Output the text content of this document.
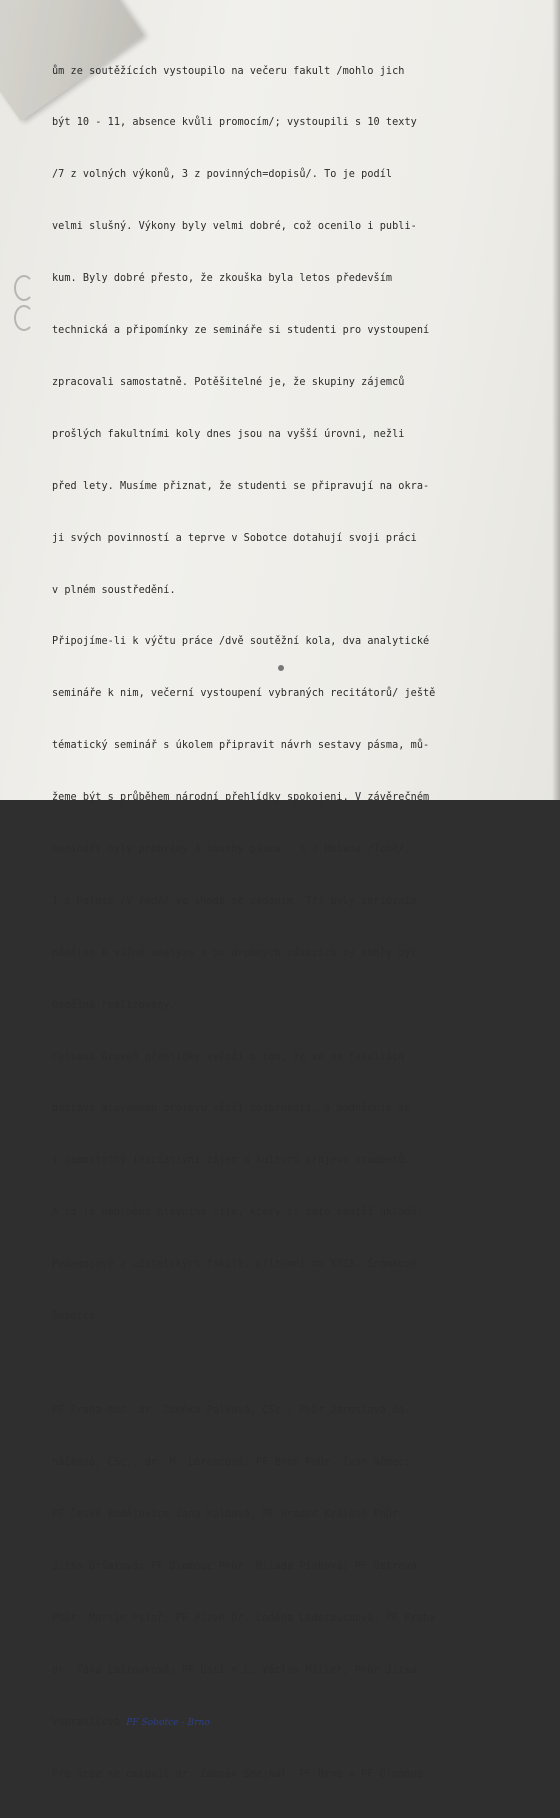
ům ze soutěžících vystoupilo na večeru fakult /mohlo jich

být 10 - 11, absence kvůli promocím/; vystoupili s 10 texty

/7 z volných výkonů, 3 z povinných=dopisů/. To je podíl

velmi slušný. Výkony byly velmi dobré, což ocenilo i publi-

kum. Byly dobré přesto, že zkouška byla letos především

technická a připomínky ze semináře si studenti pro vystoupení

zpracovali samostatně. Potěšitelné je, že skupiny zájemců

prošlých fakultními koly dnes jsou na vyšší úrovni, nežli

před lety. Musíme přiznat, že studenti se připravují na okra-

ji svých povinností a teprve v Sobotce dotahují svoji práci

v plném soustředění.

Připojíme-li k výčtu práce /dvě soutěžní kola, dva analytické

semináře k nim, večerní vystoupení vybraných recitátorů/ ještě

tématický seminář s úkolem připravit návrh sestavy pásma, mů-

žeme být s průběhem národní přehlídky spokojeni. V závěrečném

semináři byly probrány 4 návrhy pásma : 3 z Holana /Tobě/,

1 z Halase /V řadě/ ve shodě se zadáním. Tři byly seriózním

námětem k vážné analýze a po drobných zásazích by mohly být

úspěšně realizovány.

Celková úroveň přehlídky svědčí o tom, že se na fakultách

dostává mluvenému projevu větší pozornosti, a podněcuje se

i samostatný iniciativní zájem o kulturu projevu studentů.

A to je naplnění hlavního cíle, který si tato soutěž ukládá.

Pedagogové z učitelských fakult, přítomni na XXIX. Šrámkově

Sobotce

PF Praha doc. dr. Zdeňka Palková, CSc., PhDr Jaroslava Ja-

náčková, CSc., dr. M. Lorencová; PF Brno PhDr. Ivan Němec;

PF České Budějovice Jana Koldová; PF Hradec Králové PhDr.

Jitka Dršatová; PF Olomouc PhDr. Milada Písková; PF Ostrava

PhDr. Martin Pilař; PF Plzeň Dr. Laděna Lederbuchová; PF Praha

dr. Táňa Laštovková; PF Ústí n.L. Václav Miller, PhDr Jitka

Vopravilová PF Sobotce - Brno

Pro úraz se omluvil dr. Zdeněk Smejkal, PF Brno a PF Olomouc.
